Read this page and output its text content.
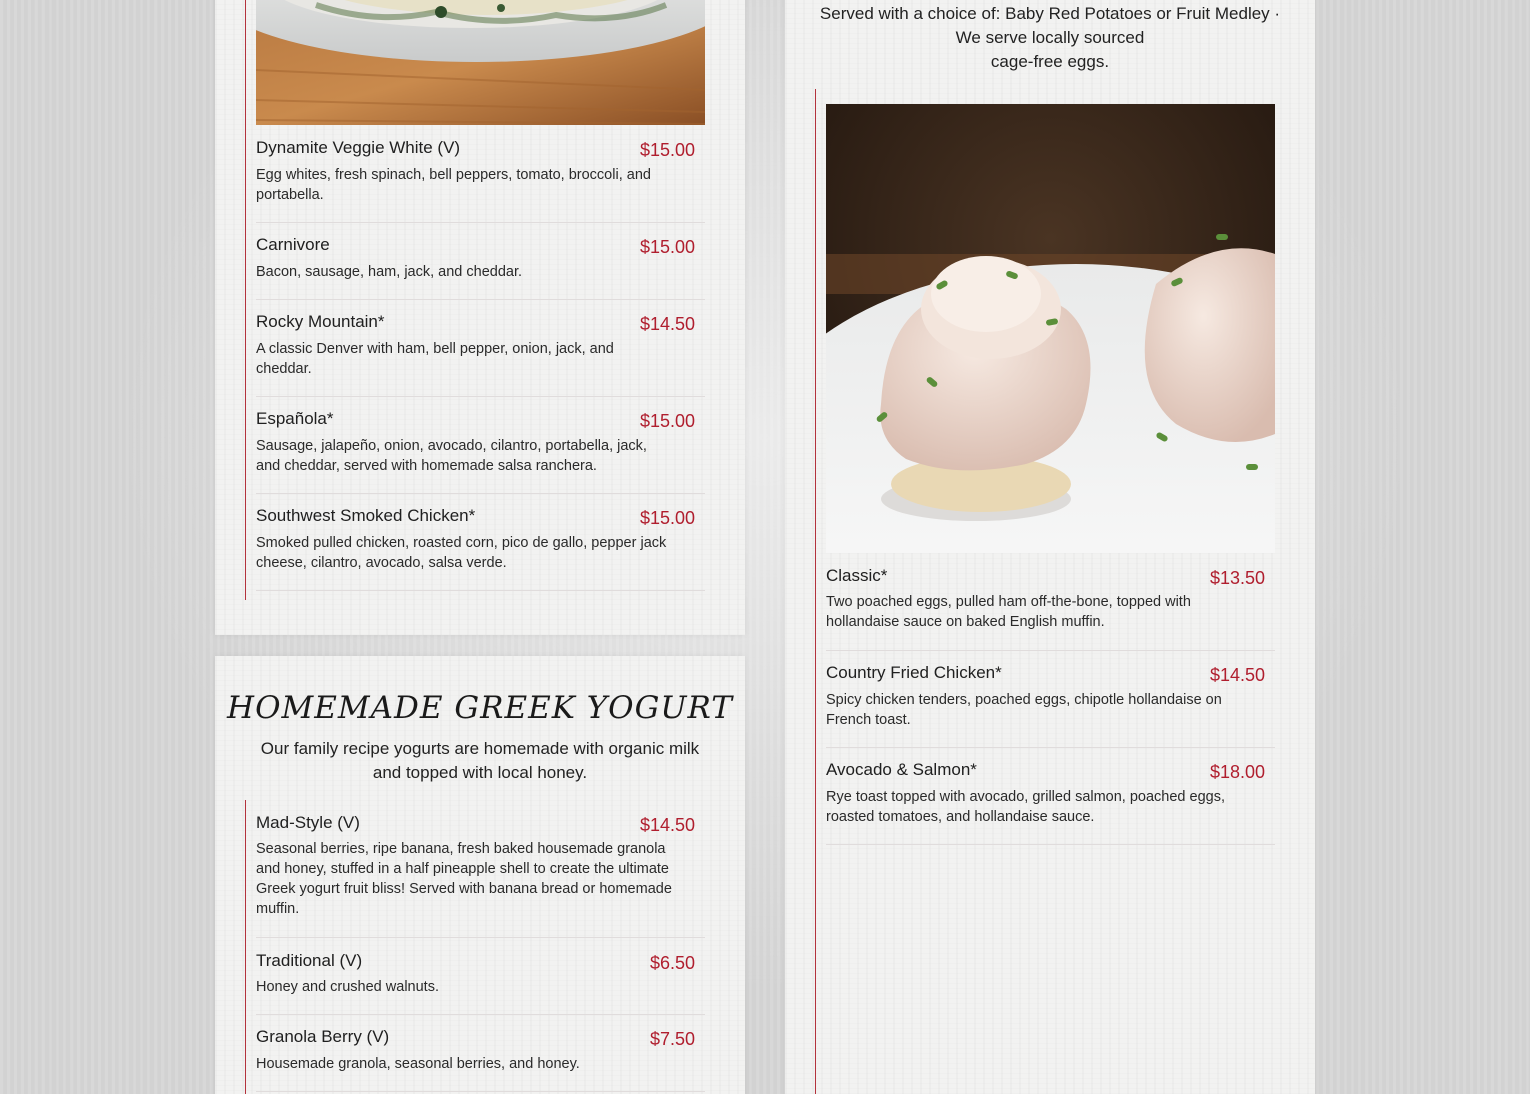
Dynamite Veggie White (V)	$15.00
Egg whites, fresh spinach, bell peppers, tomato, broccoli, and portabella.
Carnivore	$15.00
Bacon, sausage, ham, jack, and cheddar.
Rocky Mountain*	$14.50
A classic Denver with ham, bell pepper, onion, jack, and cheddar.
Española*	$15.00
Sausage, jalapeño, onion, avocado, cilantro, portabella, jack, and cheddar, served with homemade salsa ranchera.
Southwest Smoked Chicken*	$15.00
Smoked pulled chicken, roasted corn, pico de gallo, pepper jack cheese, cilantro, avocado, salsa verde.
HOMEMADE GREEK YOGURT
Our family recipe yogurts are homemade with organic milk and topped with local honey.
Mad-Style (V)	$14.50
Seasonal berries, ripe banana, fresh baked housemade granola and honey, stuffed in a half pineapple shell to create the ultimate Greek yogurt fruit bliss! Served with banana bread or homemade muffin.
Traditional (V)	$6.50
Honey and crushed walnuts.
Granola Berry (V)	$7.50
Housemade granola, seasonal berries, and honey.
Served with a choice of: Baby Red Potatoes or Fruit Medley · We serve locally sourced
cage-free eggs.
Classic*	$13.50
Two poached eggs, pulled ham off-the-bone, topped with hollandaise sauce on baked English muffin.
Country Fried Chicken*	$14.50
Spicy chicken tenders, poached eggs, chipotle hollandaise on French toast.
Avocado & Salmon*	$18.00
Rye toast topped with avocado, grilled salmon, poached eggs, roasted tomatoes, and hollandaise sauce.
